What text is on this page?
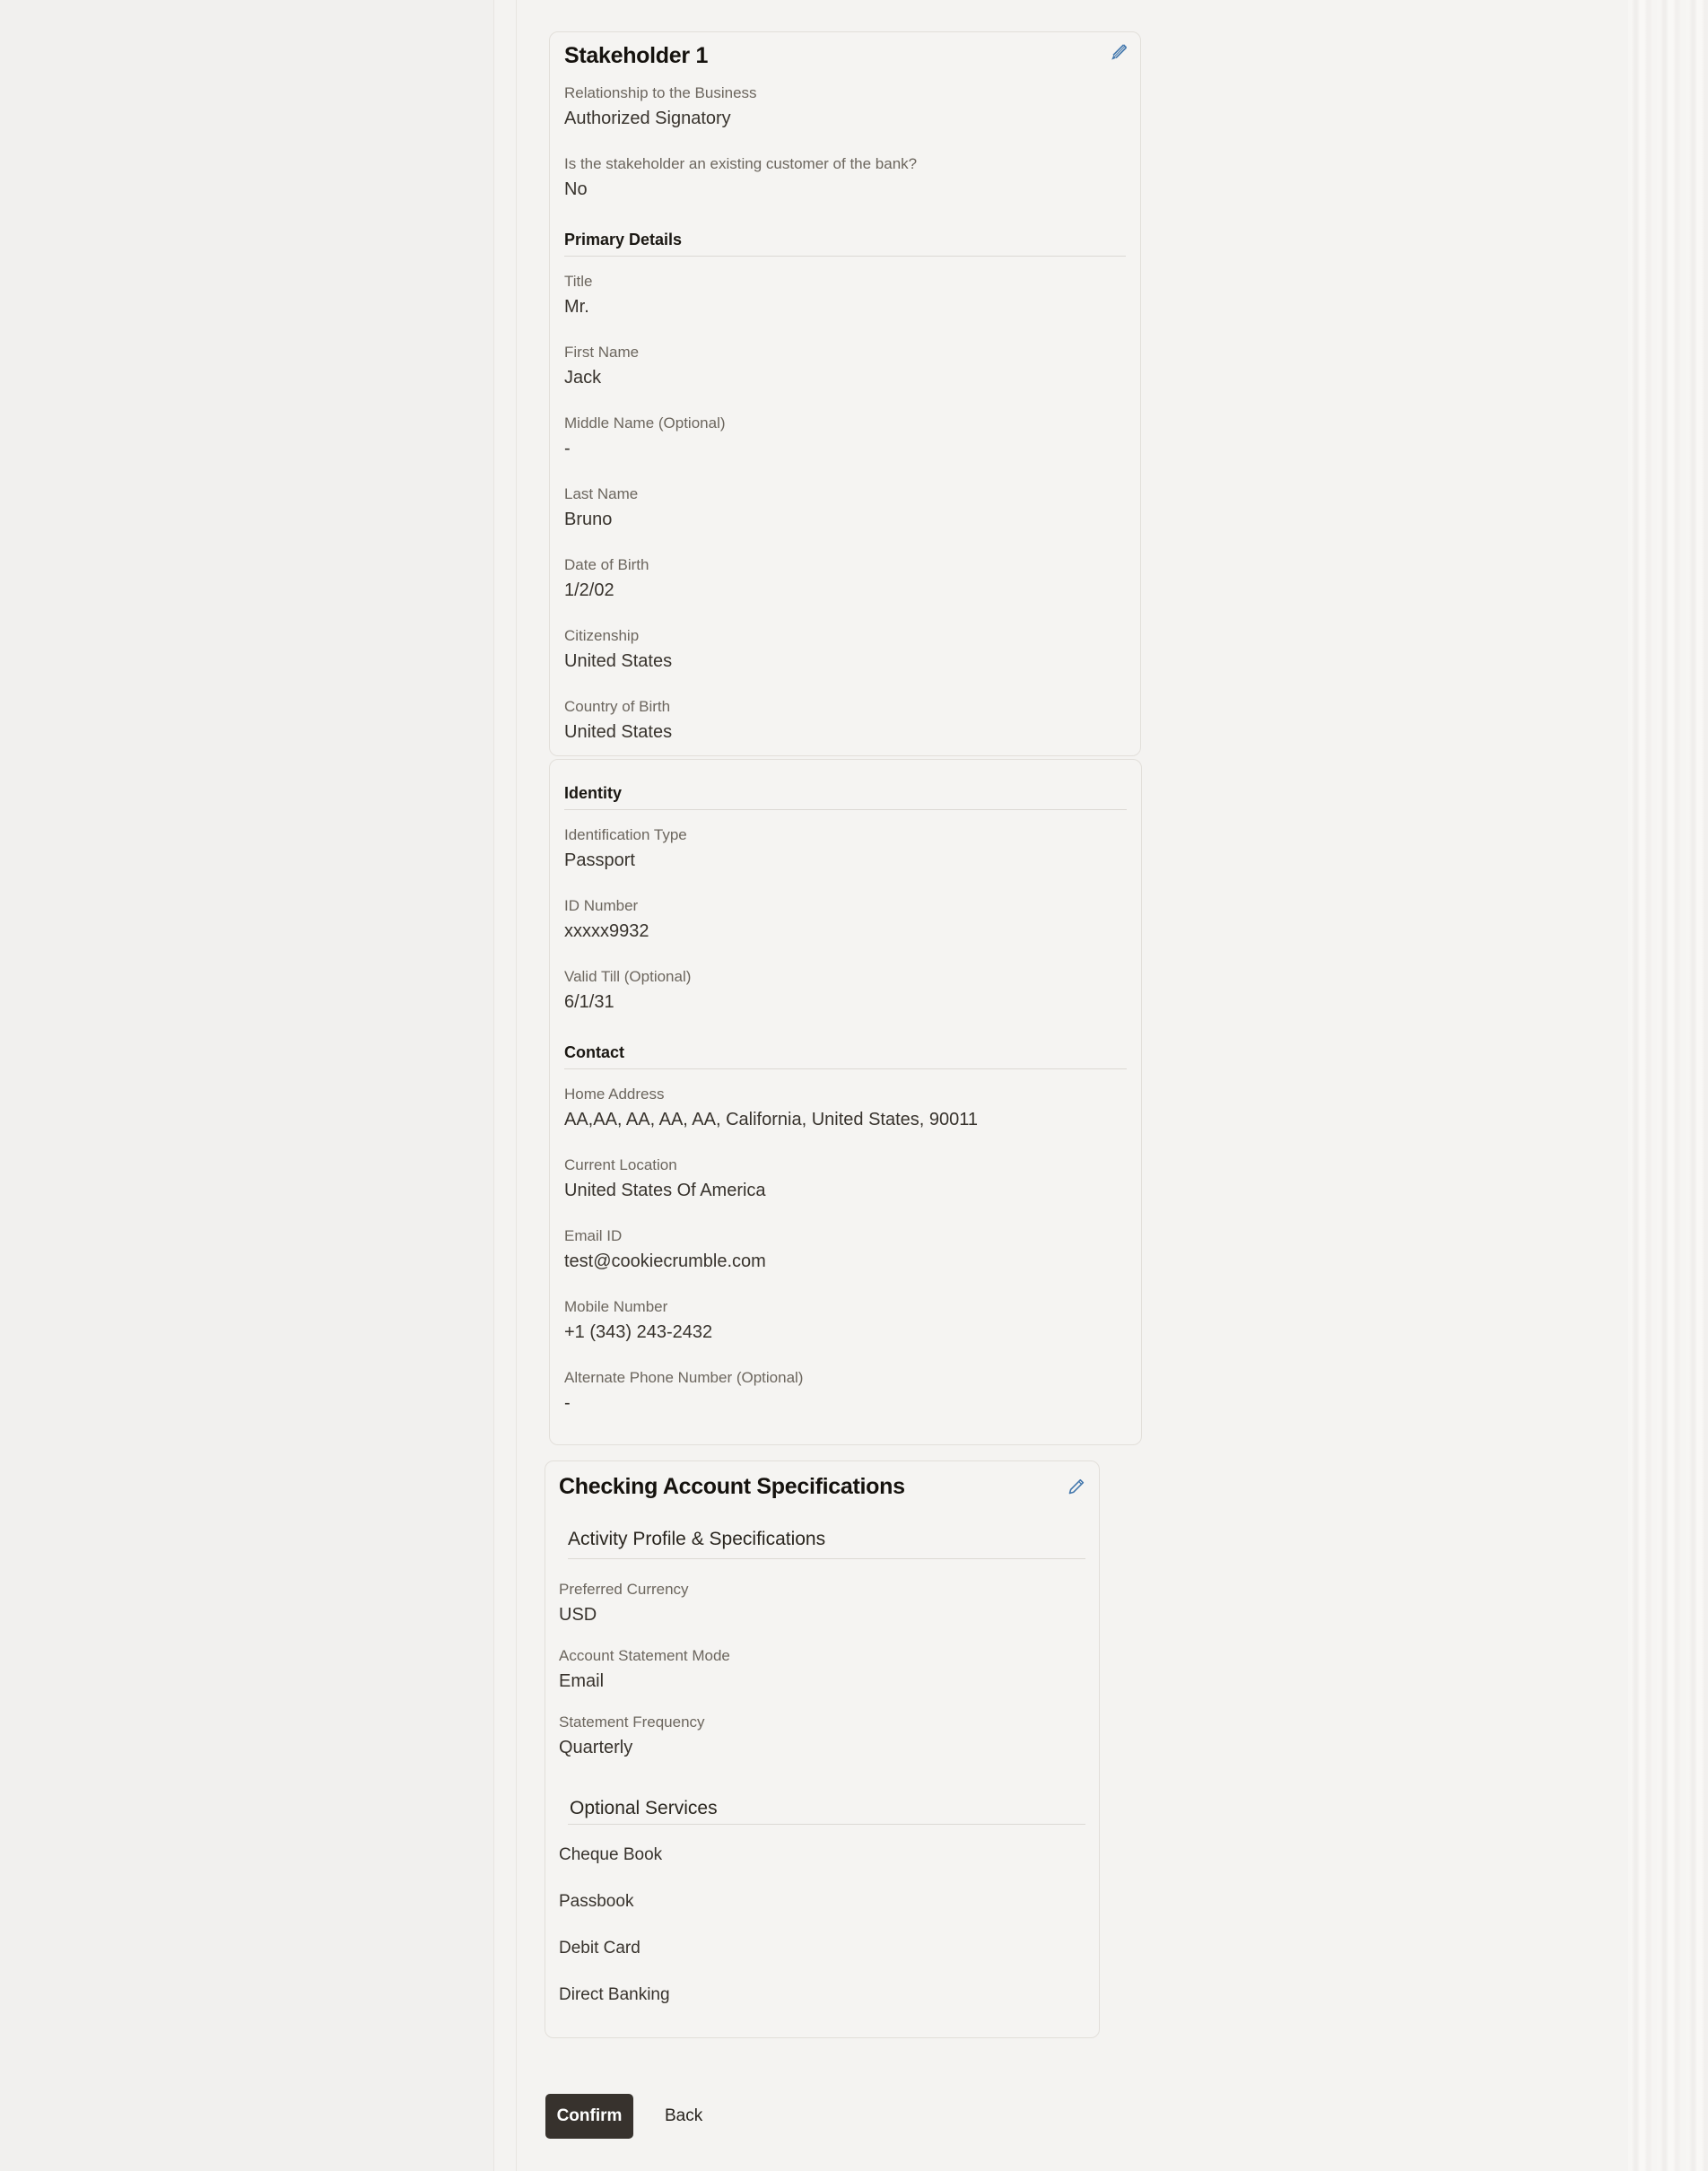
Stakeholder 1
Relationship to the Business
Authorized Signatory
Is the stakeholder an existing customer of the bank?
No
Primary Details
Title
Mr.
First Name
Jack
Middle Name (Optional)
-
Last Name
Bruno
Date of Birth
1/2/02
Citizenship
United States
Country of Birth
United States
Identity
Identification Type
Passport
ID Number
xxxxx9932
Valid Till (Optional)
6/1/31
Contact
Home Address
AA,AA, AA, AA, AA, California, United States, 90011
Current Location
United States Of America
Email ID
test@cookiecrumble.com
Mobile Number
+1 (343) 243-2432
Alternate Phone Number (Optional)
-
Checking Account Specifications
Activity Profile & Specifications
Preferred Currency
USD
Account Statement Mode
Email
Statement Frequency
Quarterly
Optional Services
Cheque Book
Passbook
Debit Card
Direct Banking
Confirm	Back
